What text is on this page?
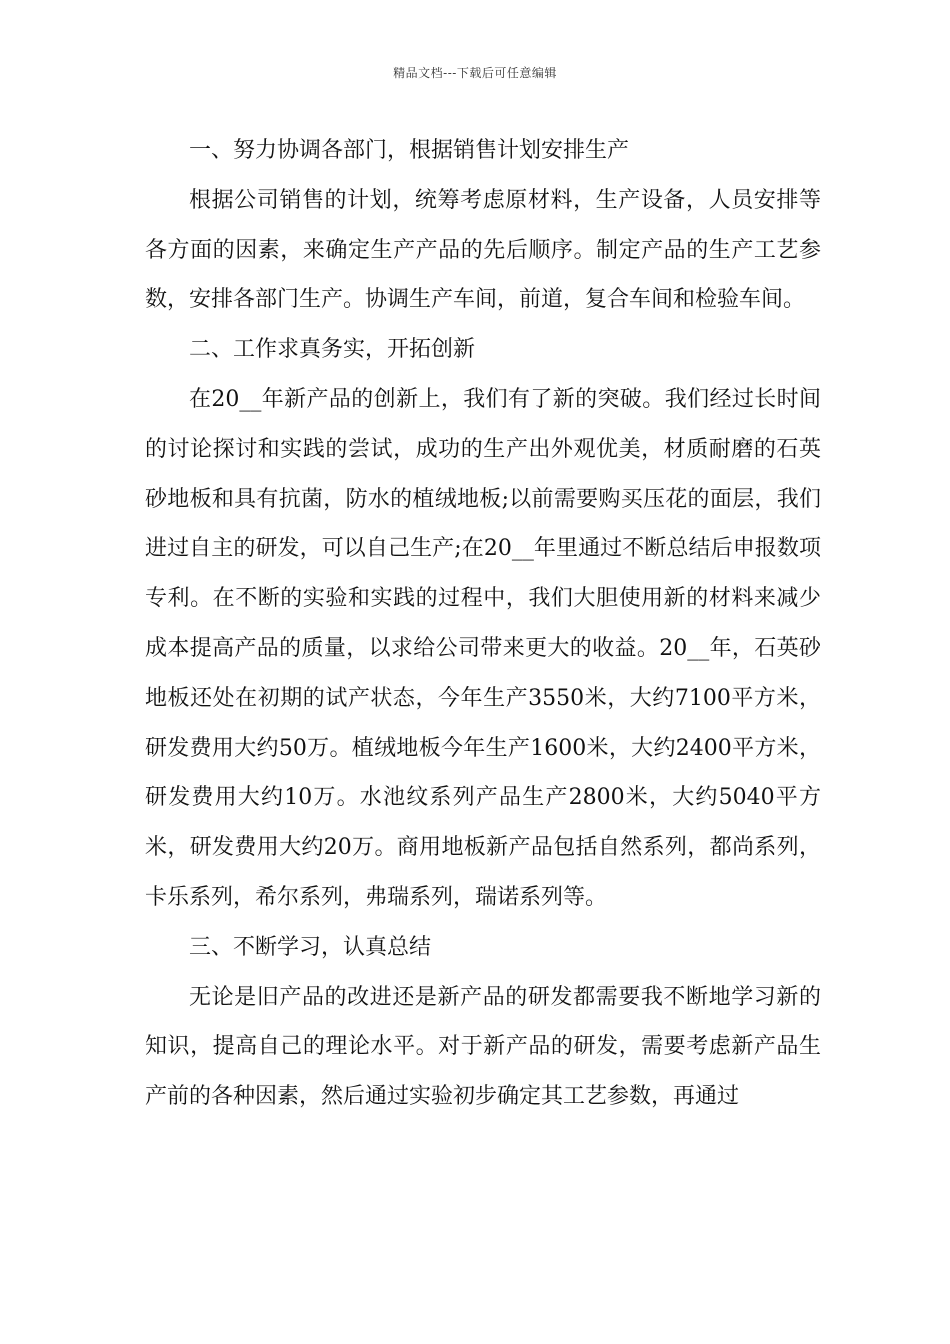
精品文档---下载后可任意编辑

一、努力协调各部门，根据销售计划安排生产

根据公司销售的计划，统筹考虑原材料，生产设备，人员安排等各方面的因素，来确定生产产品的先后顺序。制定产品的生产工艺参数，安排各部门生产。协调生产车间，前道，复合车间和检验车间。

二、工作求真务实，开拓创新

在20__年新产品的创新上，我们有了新的突破。我们经过长时间的讨论探讨和实践的尝试，成功的生产出外观优美，材质耐磨的石英砂地板和具有抗菌，防水的植绒地板;以前需要购买压花的面层，我们进过自主的研发，可以自己生产;在20__年里通过不断总结后申报数项专利。在不断的实验和实践的过程中，我们大胆使用新的材料来减少成本提高产品的质量，以求给公司带来更大的收益。20__年，石英砂地板还处在初期的试产状态，今年生产3550米，大约7100平方米，研发费用大约50万。植绒地板今年生产1600米，大约2400平方米，研发费用大约10万。水池纹系列产品生产2800米，大约5040平方米，研发费用大约20万。商用地板新产品包括自然系列，都尚系列，卡乐系列，希尔系列，弗瑞系列，瑞诺系列等。

三、不断学习，认真总结

无论是旧产品的改进还是新产品的研发都需要我不断地学习新的知识，提高自己的理论水平。对于新产品的研发，需要考虑新产品生产前的各种因素，然后通过实验初步确定其工艺参数，再通过
